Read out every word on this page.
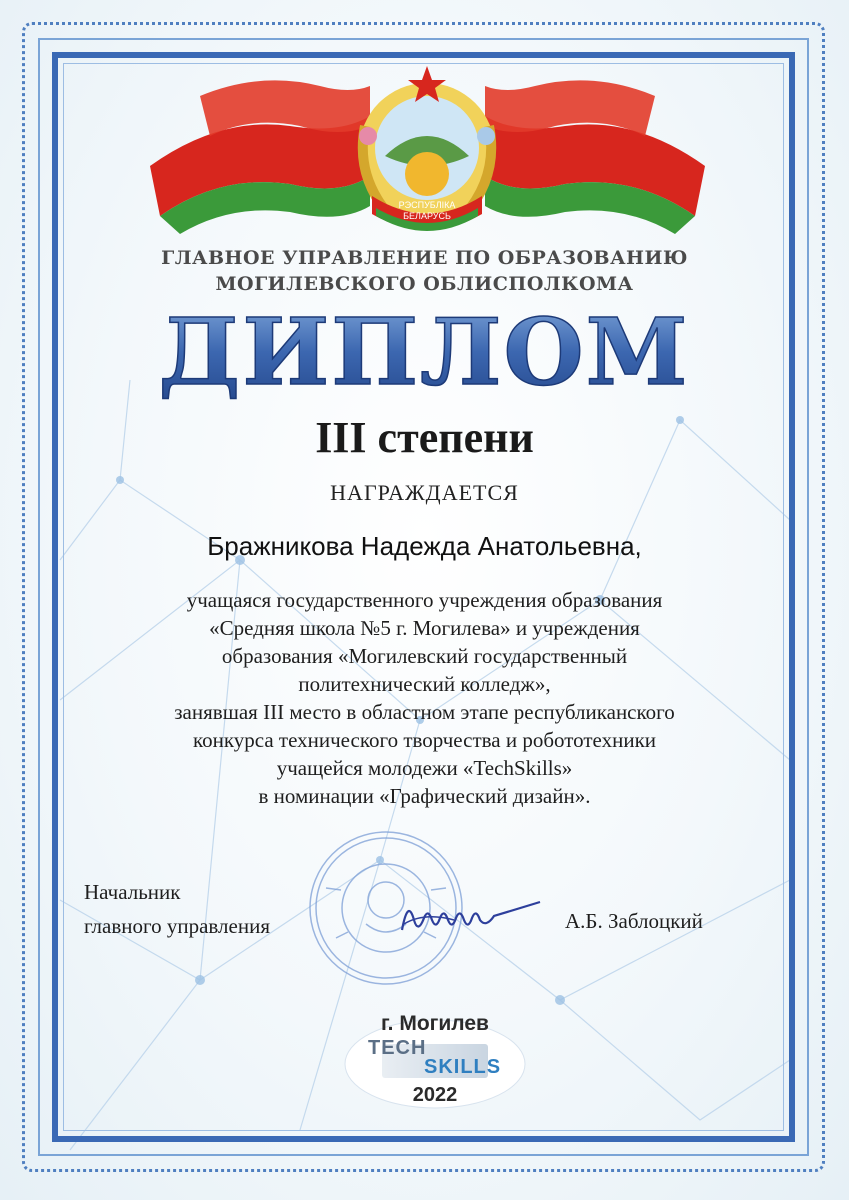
РЭСПУБЛІКА
БЕЛАРУСЬ
ГЛАВНОЕ УПРАВЛЕНИЕ ПО ОБРАЗОВАНИЮ
МОГИЛЕВСКОГО ОБЛИСПОЛКОМА
ДИПЛОМ
III степени
НАГРАЖДАЕТСЯ
Бражникова Надежда Анатольевна,
учащаяся государственного учреждения образования
«Средняя школа №5 г. Могилева» и учреждения
образования «Могилевский государственный
политехнический колледж»,
занявшая III место в областном этапе республиканского
конкурса технического творчества и робототехники
учащейся молодежи «TechSkills»
в номинации «Графический дизайн».
Начальник
главного управления	А.Б. Заблоцкий
г. Могилев
TECH
SKILLS
2022
